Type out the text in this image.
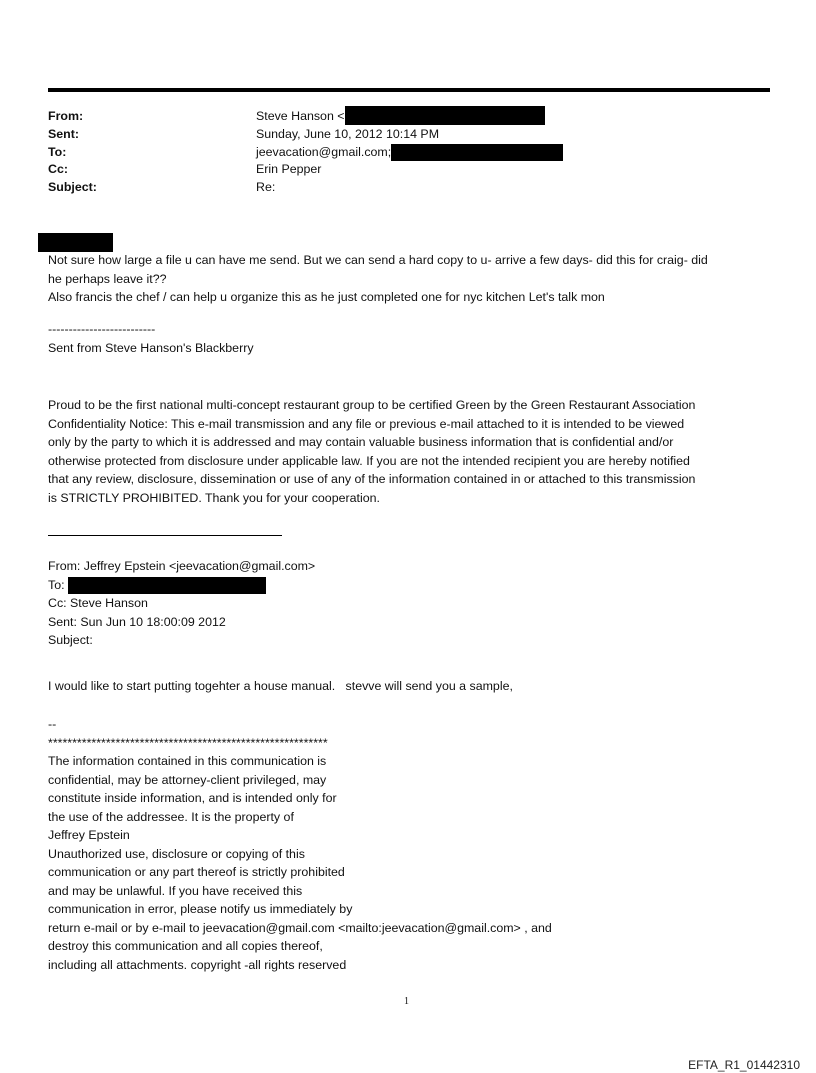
From:	Steve Hanson <
Sent:	Sunday, June 10, 2012 10:14 PM
To:	jeevacation@gmail.com;
Cc:	Erin Pepper
Subject:	Re:
Not sure how large a file u can have me send. But we can send a hard copy to u- arrive a few days- did this for craig- did
he perhaps leave it??
Also francis the chef / can help u organize this as he just completed one for nyc kitchen Let's talk mon
--------------------------
Sent from Steve Hanson's Blackberry
Proud to be the first national multi-concept restaurant group to be certified Green by the Green Restaurant Association
Confidentiality Notice: This e-mail transmission and any file or previous e-mail attached to it is intended to be viewed
only by the party to which it is addressed and may contain valuable business information that is confidential and/or
otherwise protected from disclosure under applicable law. If you are not the intended recipient you are hereby notified
that any review, disclosure, dissemination or use of any of the information contained in or attached to this transmission
is STRICTLY PROHIBITED. Thank you for your cooperation.
From: Jeffrey Epstein <jeevacation@gmail.com>
To:
Cc: Steve Hanson
Sent: Sun Jun 10 18:00:09 2012
Subject:
I would like to start putting togehter a house manual.   stevve will send you a sample,
--
**********************************************************
The information contained in this communication is
confidential, may be attorney-client privileged, may
constitute inside information, and is intended only for
the use of the addressee. It is the property of
Jeffrey Epstein
Unauthorized use, disclosure or copying of this
communication or any part thereof is strictly prohibited
and may be unlawful. If you have received this
communication in error, please notify us immediately by
return e-mail or by e-mail to jeevacation@gmail.com <mailto:jeevacation@gmail.com> , and
destroy this communication and all copies thereof,
including all attachments. copyright -all rights reserved
1
EFTA_R1_01442310
